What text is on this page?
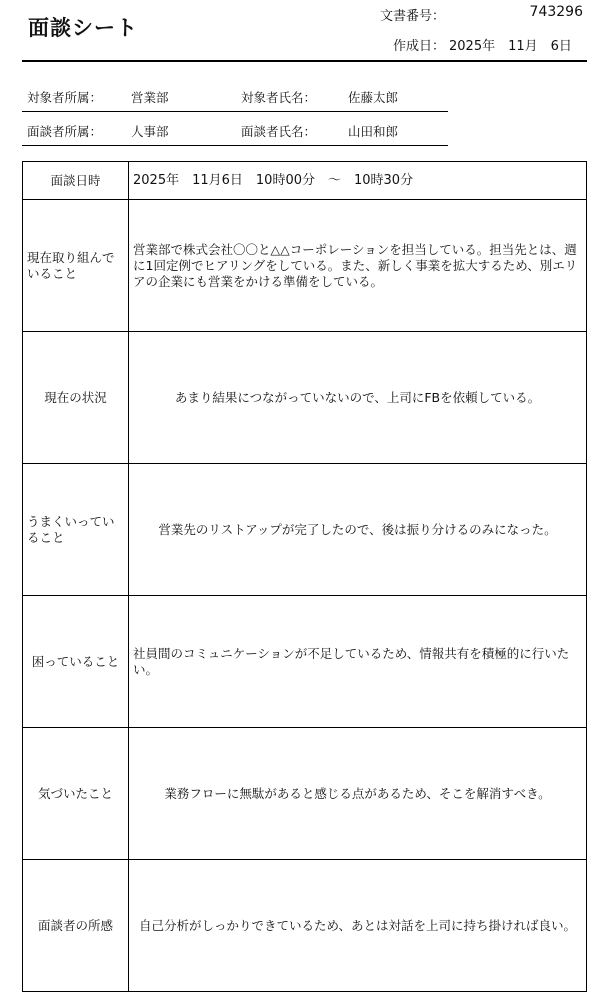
面談シート	文書番号：	743296
作成日： 2025年　11月　6日
対象者所属： 営業部	対象者氏名：	佐藤太郎
面談者所属： 人事部	面談者氏名：	山田和郎
面談日時	2025年　11月6日　10時00分　～　10時30分

現在取り組んでいること	営業部で株式会社〇〇と△△コーポレーションを担当している。担当先とは、週に1回定例でヒアリングをしている。また、新しく事業を拡大するため、別エリアの企業にも営業をかける準備をしている。

現在の状況	あまり結果につながっていないので、上司にFBを依頼している。

うまくいっていること	営業先のリストアップが完了したので、後は振り分けるのみになった。

困っていること	社員間のコミュニケーションが不足しているため、情報共有を積極的に行いたい。

気づいたこと	業務フローに無駄があると感じる点があるため、そこを解消すべき。

面談者の所感	自己分析がしっかりできているため、あとは対話を上司に持ち掛ければ良い。
